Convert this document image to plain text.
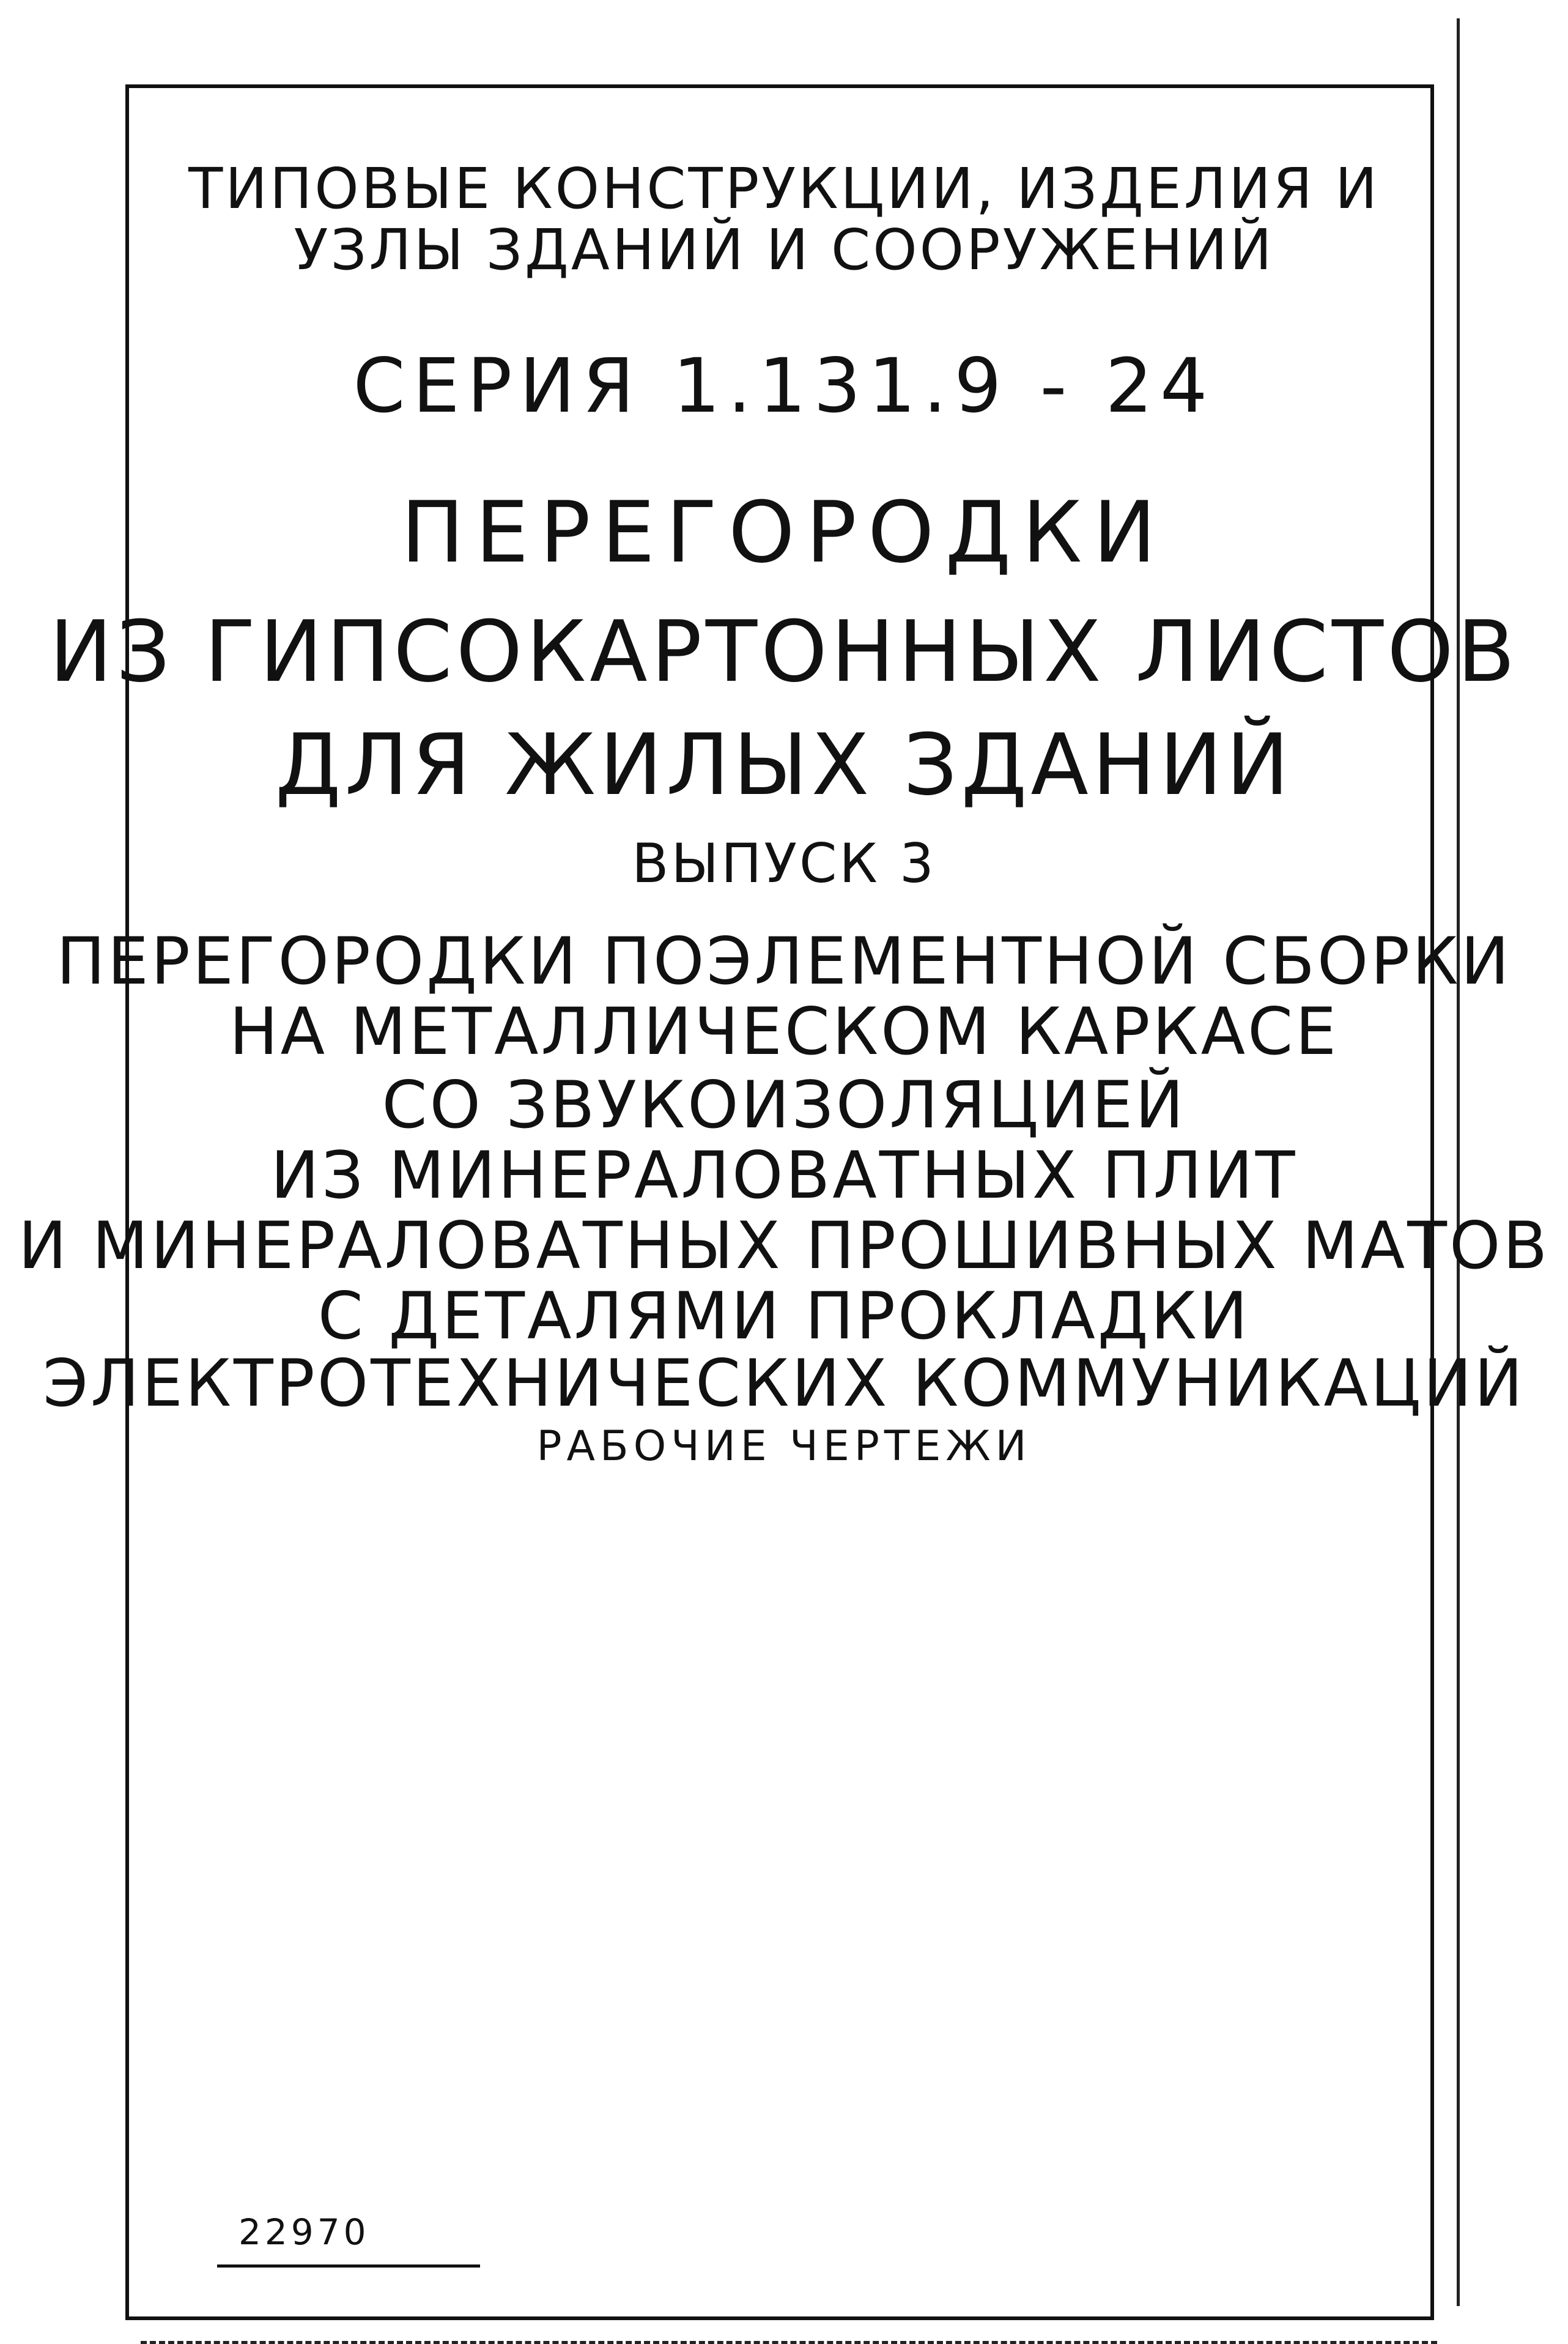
ТИПОВЫЕ КОНСТРУКЦИИ, ИЗДЕЛИЯ И
УЗЛЫ ЗДАНИЙ И СООРУЖЕНИЙ
СЕРИЯ 1.131.9 - 24
ПЕРЕГОРОДКИ
ИЗ ГИПСОКАРТОННЫХ ЛИСТОВ
ДЛЯ ЖИЛЫХ ЗДАНИЙ
ВЫПУСК 3
ПЕРЕГОРОДКИ ПОЭЛЕМЕНТНОЙ СБОРКИ
НА МЕТАЛЛИЧЕСКОМ КАРКАСЕ
СО ЗВУКОИЗОЛЯЦИЕЙ
ИЗ МИНЕРАЛОВАТНЫХ ПЛИТ
И МИНЕРАЛОВАТНЫХ ПРОШИВНЫХ МАТОВ
С ДЕТАЛЯМИ ПРОКЛАДКИ
ЭЛЕКТРОТЕХНИЧЕСКИХ КОММУНИКАЦИЙ
РАБОЧИЕ ЧЕРТЕЖИ
22970
